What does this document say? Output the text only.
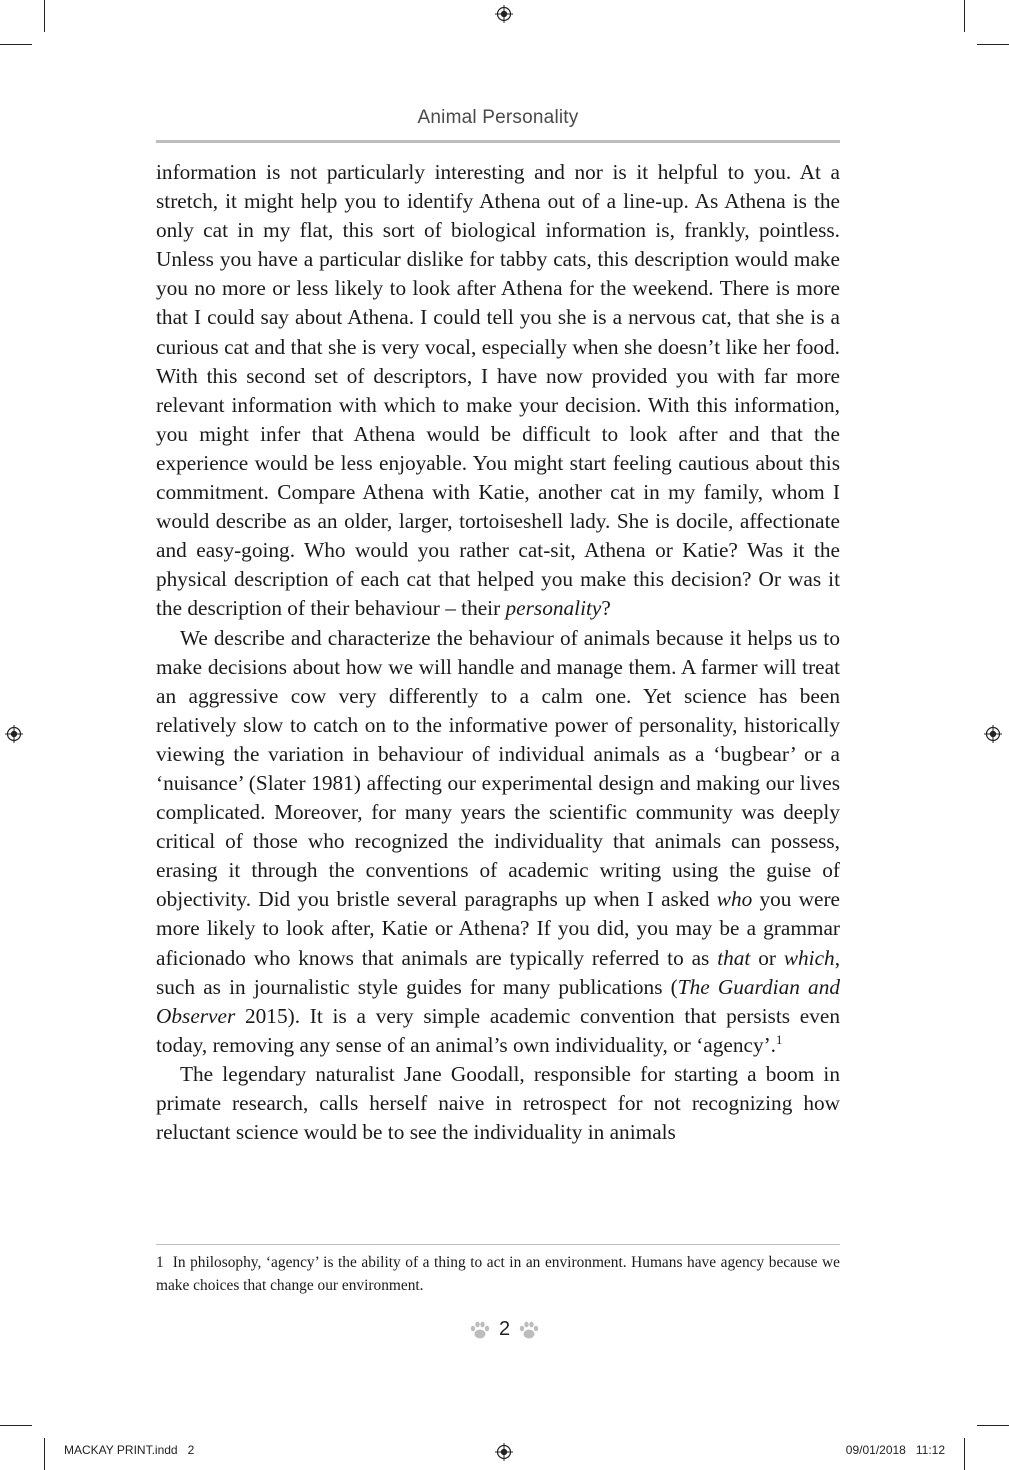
Animal Personality

information is not particularly interesting and nor is it helpful to you. At a stretch, it might help you to identify Athena out of a line-up. As Athena is the only cat in my flat, this sort of biological information is, frankly, pointless. Unless you have a particular dislike for tabby cats, this description would make you no more or less likely to look after Athena for the weekend. There is more that I could say about Athena. I could tell you she is a nervous cat, that she is a curious cat and that she is very vocal, especially when she doesn’t like her food. With this second set of descriptors, I have now provided you with far more relevant information with which to make your decision. With this information, you might infer that Athena would be difficult to look after and that the experience would be less enjoyable. You might start feeling cautious about this commitment. Compare Athena with Katie, another cat in my family, whom I would describe as an older, larger, tortoiseshell lady. She is docile, affectionate and easy-going. Who would you rather cat-sit, Athena or Katie? Was it the physical description of each cat that helped you make this decision? Or was it the description of their behaviour – their personality?

We describe and characterize the behaviour of animals because it helps us to make decisions about how we will handle and manage them. A farmer will treat an aggressive cow very differently to a calm one. Yet science has been relatively slow to catch on to the informative power of personality, historically viewing the variation in behaviour of individual animals as a ‘bugbear’ or a ‘nuisance’ (Slater 1981) affecting our experimental design and making our lives complicated. Moreover, for many years the scientific community was deeply critical of those who recognized the individuality that animals can possess, erasing it through the conventions of academic writing using the guise of objectivity. Did you bristle several paragraphs up when I asked who you were more likely to look after, Katie or Athena? If you did, you may be a grammar aficionado who knows that animals are typically referred to as that or which, such as in journalistic style guides for many publications (The Guardian and Observer 2015). It is a very simple academic convention that persists even today, removing any sense of an animal’s own individuality, or ‘agency’.$^1$

The legendary naturalist Jane Goodall, responsible for starting a boom in primate research, calls herself naive in retrospect for not recognizing how reluctant science would be to see the individuality in animals

1 In philosophy, ‘agency’ is the ability of a thing to act in an environment. Humans have agency because we make choices that change our environment.
2
MACKAY PRINT.indd   2	09/01/2018   11:12
